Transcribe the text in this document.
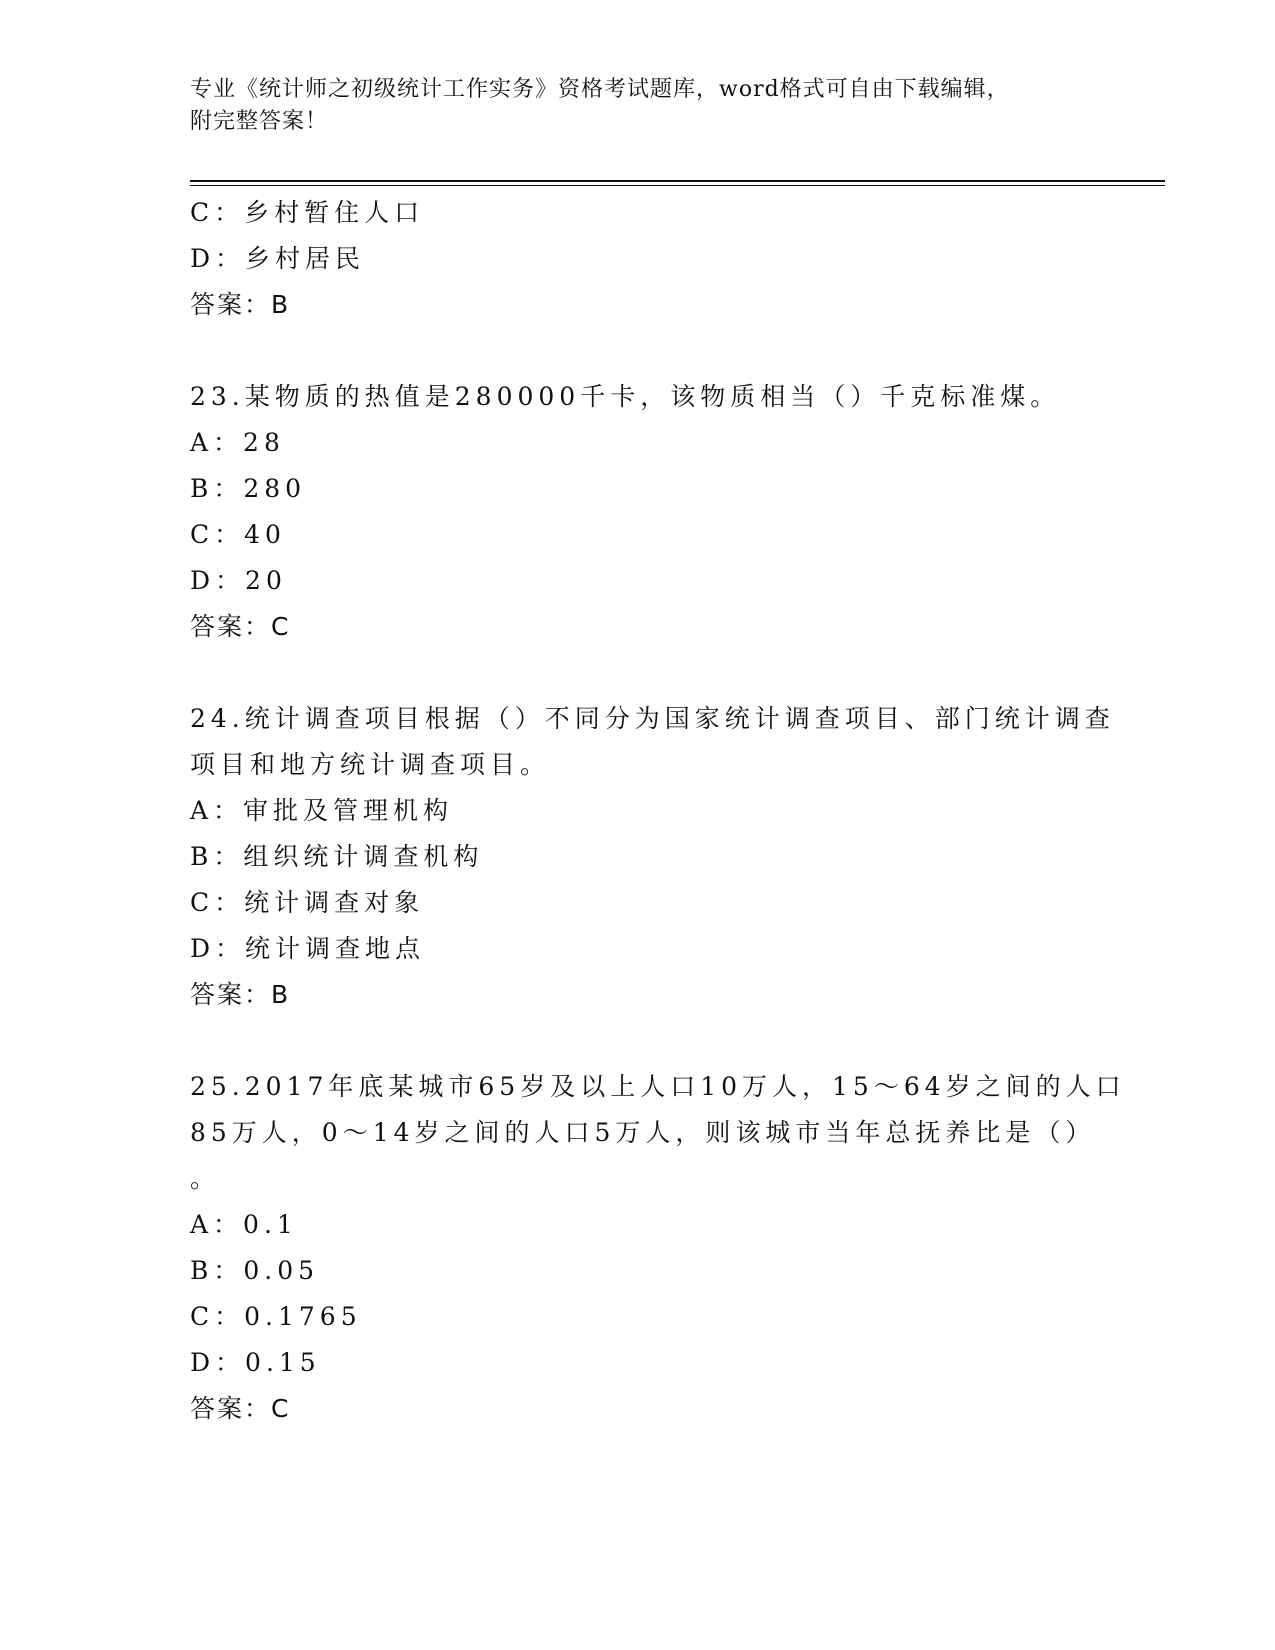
专业《统计师之初级统计工作实务》资格考试题库，word格式可自由下载编辑，
附完整答案！
C：乡村暂住人口
D：乡村居民
答案：B
23.某物质的热值是280000千卡，该物质相当（）千克标准煤。
A：28
B：280
C：40
D：20
答案：C
24.统计调查项目根据（）不同分为国家统计调查项目、部门统计调查
项目和地方统计调查项目。
A：审批及管理机构
B：组织统计调查机构
C：统计调查对象
D：统计调查地点
答案：B
25.2017年底某城市65岁及以上人口10万人，15～64岁之间的人口
85万人，0～14岁之间的人口5万人，则该城市当年总抚养比是（）
。
A：0.1
B：0.05
C：0.1765
D：0.15
答案：C
